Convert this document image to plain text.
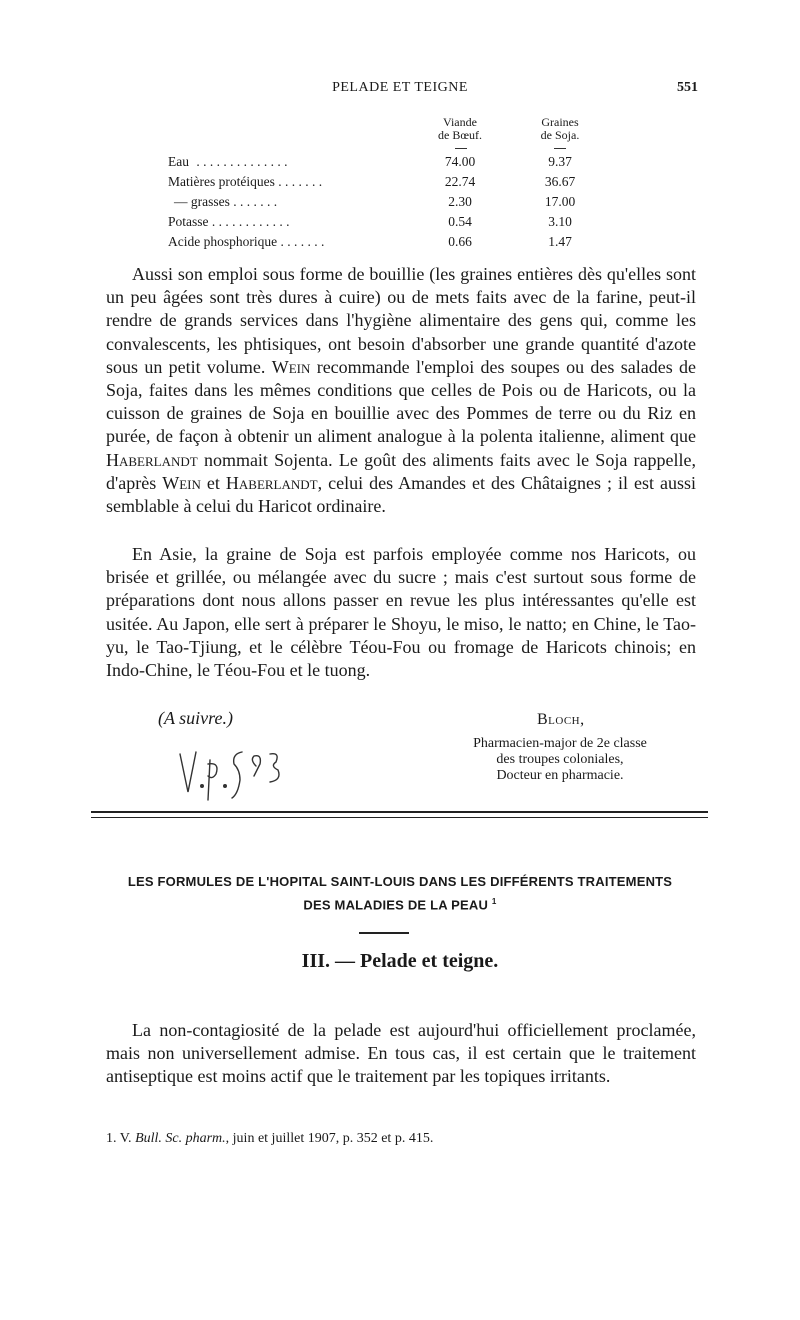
PELADE ET TEIGNE	551
Viande
de Bœuf.
Graines
de Soja.
Eau . . . . . . . . . . . . . .	74.00	9.37
Matières protéiques . . . . . . .	22.74	36.67
— grasses . . . . . . .	2.30	17.00
Potasse . . . . . . . . . . . .	0.54	3.10
Acide phosphorique . . . . . . .	0.66	1.47

Aussi son emploi sous forme de bouillie (les graines entières dès qu'elles sont un peu âgées sont très dures à cuire) ou de mets faits avec de la farine, peut-il rendre de grands services dans l'hygiène alimentaire des gens qui, comme les convalescents, les phtisiques, ont besoin d'absorber une grande quantité d'azote sous un petit volume. Wein recommande l'emploi des soupes ou des salades de Soja, faites dans les mêmes conditions que celles de Pois ou de Haricots, ou la cuisson de graines de Soja en bouillie avec des Pommes de terre ou du Riz en purée, de façon à obtenir un aliment analogue à la polenta italienne, aliment que Haberlandt nommait Sojenta. Le goût des aliments faits avec le Soja rappelle, d'après Wein et Haberlandt, celui des Amandes et des Châtaignes ; il est aussi semblable à celui du Haricot ordinaire.

En Asie, la graine de Soja est parfois employée comme nos Haricots, ou brisée et grillée, ou mélangée avec du sucre ; mais c'est surtout sous forme de préparations dont nous allons passer en revue les plus intéressantes qu'elle est usitée. Au Japon, elle sert à préparer le Shoyu, le miso, le natto; en Chine, le Tao-yu, le Tao-Tjiung, et le célèbre Téou-Fou ou fromage de Haricots chinois; en Indo-Chine, le Téou-Fou et le tuong.

(A suivre.)	Bloch,
Pharmacien-major de 2e classe
des troupes coloniales,
Docteur en pharmacie.
LES FORMULES DE L'HOPITAL SAINT-LOUIS DANS LES DIFFÉRENTS TRAITEMENTS
DES MALADIES DE LA PEAU $^1$
III. — Pelade et teigne.

La non-contagiosité de la pelade est aujourd'hui officiellement proclamée, mais non universellement admise. En tous cas, il est certain que le traitement antiseptique est moins actif que le traitement par les topiques irritants.

1. V. Bull. Sc. pharm., juin et juillet 1907, p. 352 et p. 415.
